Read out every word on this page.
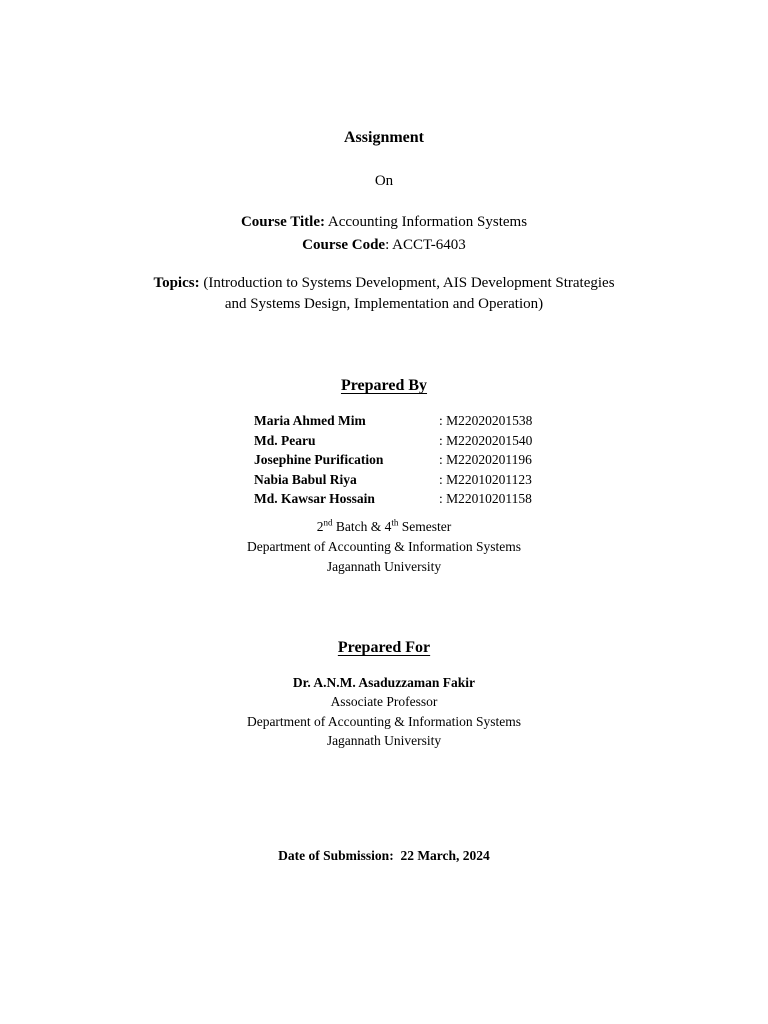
Assignment
On
Course Title: Accounting Information Systems
Course Code: ACCT-6403
Topics: (Introduction to Systems Development, AIS Development Strategies
and Systems Design, Implementation and Operation)
Prepared By
Maria Ahmed Mim	: M22020201538
Md. Pearu	: M22020201540
Josephine Purification	: M22020201196
Nabia Babul Riya	: M22010201123
Md. Kawsar Hossain	: M22010201158
2nd Batch & 4th Semester
Department of Accounting & Information Systems
Jagannath University
Prepared For
Dr. A.N.M. Asaduzzaman Fakir
Associate Professor
Department of Accounting & Information Systems
Jagannath University
Date of Submission: 22 March, 2024
